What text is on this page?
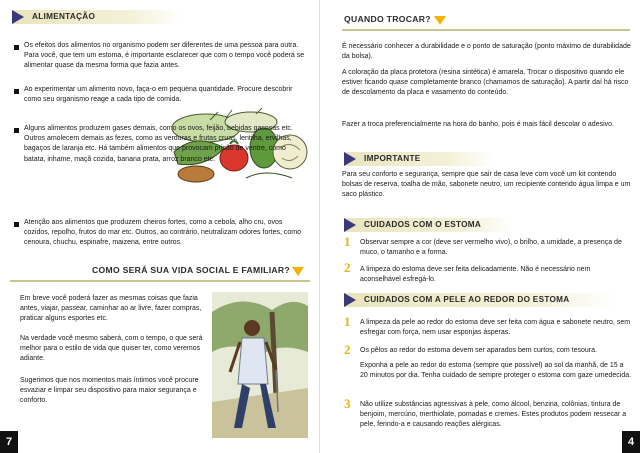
ALIMENTAÇÃO

Os efeitos dos alimentos no organismo podem ser diferentes de uma pessoa para outra. Para você, que tem um estoma, é importante esclarecer que com o tempo você poderá se alimentar quase da mesma forma que fazia antes.

Ao experimentar um alimento novo, faça-o em pequena quantidade. Procure descobrir como seu organismo reage a cada tipo de comida.

Alguns alimentos produzem gases demais, como os ovos, feijão, bebidas gasosas etc. Outros amolecem demais as fezes, como as verduras e frutas cruas, lentilha, ervilhas, bagaços de laranja etc. Há também alimentos que provocam prisão de ventre, como batata, inhame, maçã cozida, banana prata, arroz branco etc.

Atenção aos alimentos que produzem cheiros fortes, como a cebola, alho cru, ovos cozidos, repolho, frutos do mar etc. Outros, ao contrário, neutralizam odores fortes, como cenoura, chuchu, espinafre, maizena, entre outros.

COMO SERÁ SUA VIDA SOCIAL E FAMILIAR?

Em breve você poderá fazer as mesmas coisas que fazia antes, viajar, passear, caminhar ao ar livre, fazer compras, praticar alguns esportes etc.

Na verdade você mesmo saberá, com o tempo, o que será melhor para o estilo de vida que quiser ter, como veremos adiante.

Sugerimos que nos momentos mais íntimos você procure esvaziar e limpar seu dispositivo para maior segurança e conforto.

7
QUANDO TROCAR?

É necessário conhecer a durabilidade e o ponto de saturação (ponto máximo de durabilidade da bolsa).

A coloração da placa protetora (resina sintética) é amarela. Trocar o dispositivo quando ele estiver ficando quase completamente branco (chamamos de saturação). A partir daí há risco de descolamento da placa e vasamento do conteúdo.

Fazer a troca preferencialmente na hora do banho, pois é mais fácil descolar o adesivo.

IMPORTANTE

Para seu conforto e segurança, sempre que sair de casa leve com você um kit contendo bolsas de reserva, toalha de mão, sabonete neutro, um recipiente contendo água limpa e um saco plástico.

CUIDADOS COM O ESTOMA
1 Observar sempre a cor (deve ser vermelho vivo), o brilho, a umidade, a presença de muco, o tamanho e a forma.

2 A limpeza do estoma deve ser feita delicadamente. Não é necessário nem aconselhável esfregá-lo.

CUIDADOS COM A PELE AO REDOR DO ESTOMA
1 A limpeza da pele ao redor do estoma deve ser feita com água e sabonete neutro, sem esfregar com força, nem usar esponjas ásperas.

2 Os pêlos ao redor do estoma devem ser aparados bem curtos, com tesoura.

Exponha a pele ao redor do estoma (sempre que possível) ao sol da manhã, de 15 a 20 minutos por dia. Tenha cuidado de sempre proteger o estoma com gaze umedecida.

3 Não utilize substâncias agressivas à pele, como álcool, benzina, colônias, tintura de benjoim, mercúrio, merthiolate, pomadas e cremes. Estes produtos podem ressecar a pele, ferindo-a e causando reações alérgicas.

4
